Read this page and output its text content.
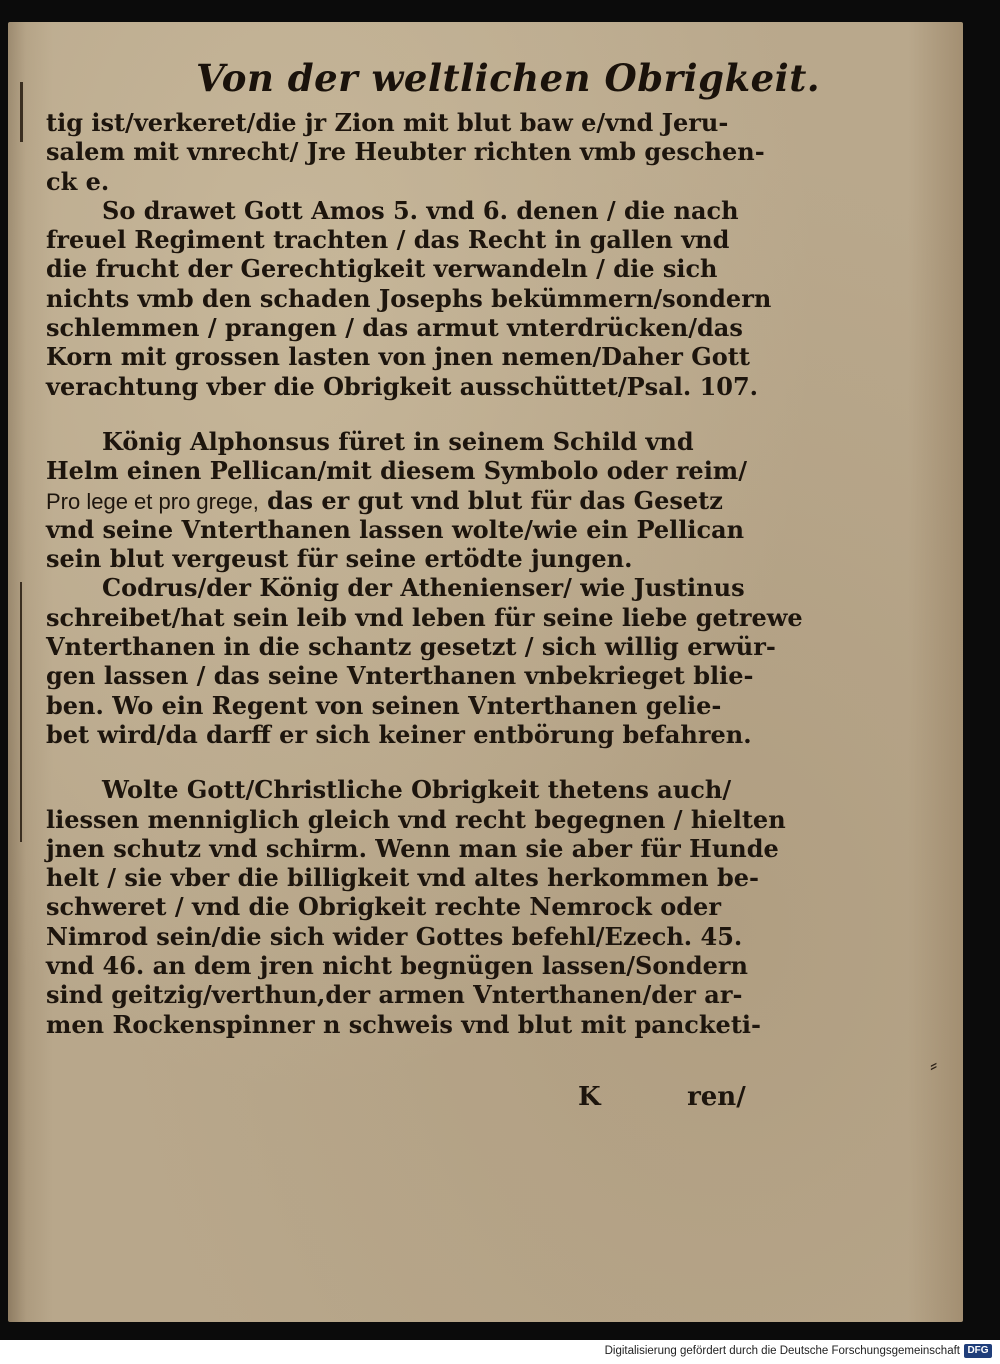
Von der weltlichen Obrigkeit.
tig ist/verkeret/die jr Zion mit blut baw e/vnd Jeru-
salem mit vnrecht/ Jre Heubter richten vmb geschen-
ck e.
So drawet Gott Amos 5. vnd 6. denen / die nach
freuel Regiment trachten / das Recht in gallen vnd
die frucht der Gerechtigkeit verwandeln / die sich
nichts vmb den schaden Josephs bekümmern/sondern
schlemmen / prangen / das armut vnterdrücken/das
Korn mit grossen lasten von jnen nemen/Daher Gott
verachtung vber die Obrigkeit ausschüttet/Psal. 107.
König Alphonsus füret in seinem Schild vnd
Helm einen Pellican/mit diesem Symbolo oder reim/
Pro lege et pro grege, das er gut vnd blut für das Gesetz
vnd seine Vnterthanen lassen wolte/wie ein Pellican
sein blut vergeust für seine ertödte jungen.
Codrus/der König der Athenienser/ wie Justinus
schreibet/hat sein leib vnd leben für seine liebe getrewe
Vnterthanen in die schantz gesetzt / sich willig erwür-
gen lassen / das seine Vnterthanen vnbekrieget blie-
ben. Wo ein Regent von seinen Vnterthanen gelie-
bet wird/da darff er sich keiner entbörung befahren.
Wolte Gott/Christliche Obrigkeit thetens auch/
liessen menniglich gleich vnd recht begegnen / hielten
jnen schutz vnd schirm. Wenn man sie aber für Hunde
helt / sie vber die billigkeit vnd altes herkommen be-
schweret / vnd die Obrigkeit rechte Nemrock oder
Nimrod sein/die sich wider Gottes befehl/Ezech. 45.
vnd 46. an dem jren nicht begnügen lassen/Sondern
sind geitzig/verthun,der armen Vnterthanen/der ar-
men Rockenspinner n schweis vnd blut mit pancketi-
K	ren/
⸗
Digitalisierung gefördert durch die Deutsche Forschungsgemeinschaft DFG
